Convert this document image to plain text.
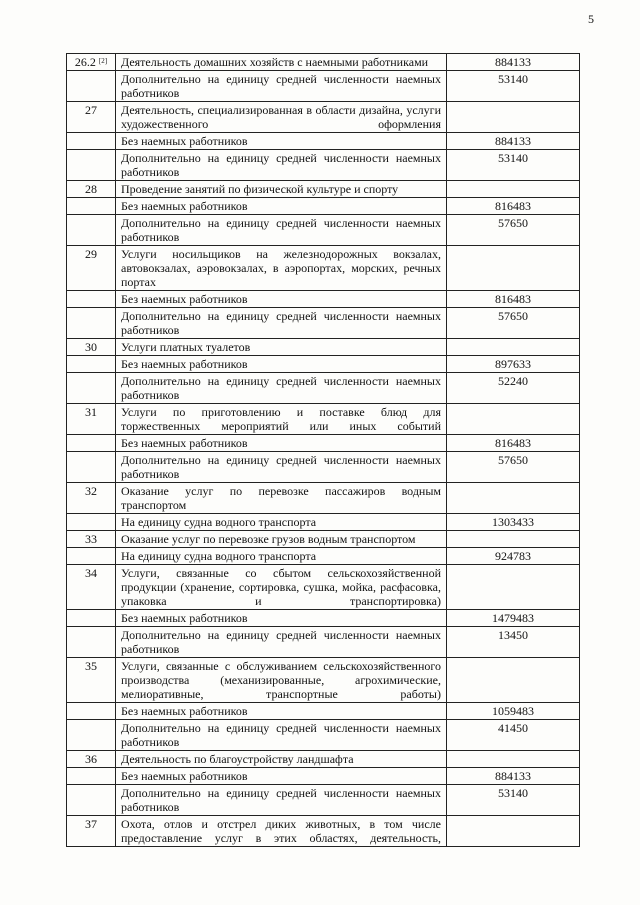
5
26.2 [2]	Деятельность домашних хозяйств с наемными работниками	884133
	Дополнительно на единицу средней численности наемных работников	53140
27	Деятельность, специализированная в области дизайна, услуги художественного оформления	
	Без наемных работников	884133
	Дополнительно на единицу средней численности наемных работников	53140
28	Проведение занятий по физической культуре и спорту	
	Без наемных работников	816483
	Дополнительно на единицу средней численности наемных работников	57650
29	Услуги носильщиков на железнодорожных вокзалах, автовокзалах, аэровокзалах, в аэропортах, морских, речных портах	
	Без наемных работников	816483
	Дополнительно на единицу средней численности наемных работников	57650
30	Услуги платных туалетов	
	Без наемных работников	897633
	Дополнительно на единицу средней численности наемных работников	52240
31	Услуги по приготовлению и поставке блюд для торжественных мероприятий или иных событий	
	Без наемных работников	816483
	Дополнительно на единицу средней численности наемных работников	57650
32	Оказание услуг по перевозке пассажиров водным транспортом	
	На единицу судна водного транспорта	1303433
33	Оказание услуг по перевозке грузов водным транспортом	
	На единицу судна водного транспорта	924783
34	Услуги, связанные со сбытом сельскохозяйственной продукции (хранение, сортировка, сушка, мойка, расфасовка, упаковка и транспортировка)	
	Без наемных работников	1479483
	Дополнительно на единицу средней численности наемных работников	13450
35	Услуги, связанные с обслуживанием сельскохозяйственного производства (механизированные, агрохимические, мелиоративные, транспортные работы)	
	Без наемных работников	1059483
	Дополнительно на единицу средней численности наемных работников	41450
36	Деятельность по благоустройству ландшафта	
	Без наемных работников	884133
	Дополнительно на единицу средней численности наемных работников	53140
37	Охота, отлов и отстрел диких животных, в том числе предоставление услуг в этих областях, деятельность,	
